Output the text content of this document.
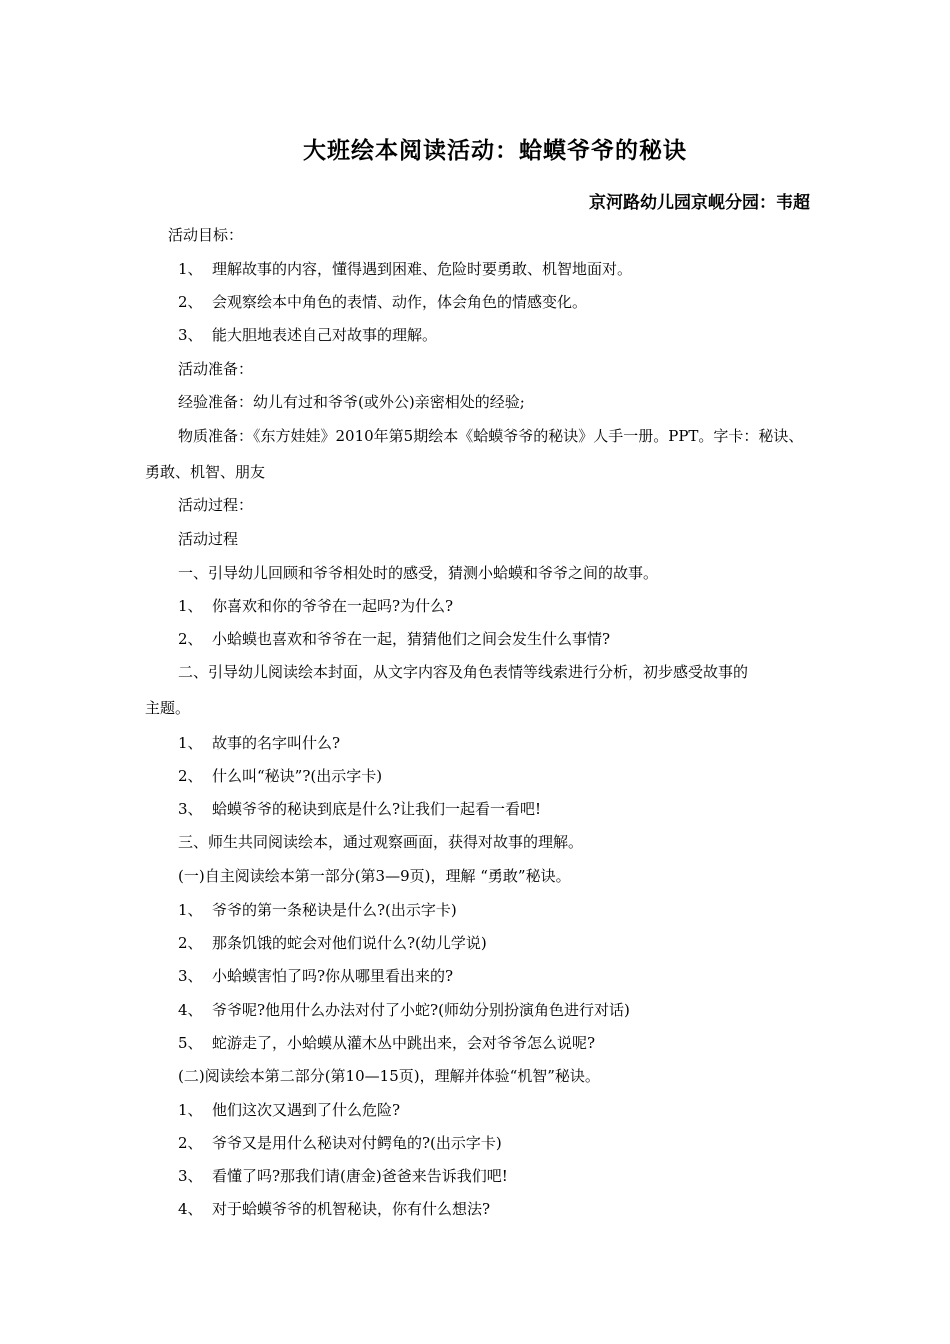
大班绘本阅读活动：蛤蟆爷爷的秘诀
京河路幼儿园京岘分园：韦超
活动目标：
1、 理解故事的内容，懂得遇到困难、危险时要勇敢、机智地面对。
2、 会观察绘本中角色的表情、动作，体会角色的情感变化。
3、 能大胆地表述自己对故事的理解。
活动准备：
经验准备：幼儿有过和爷爷(或外公)亲密相处的经验;
物质准备：《东方娃娃》2010年第5期绘本《蛤蟆爷爷的秘诀》人手一册。PPT。字卡：秘诀、
勇敢、机智、朋友
活动过程：
活动过程
一、引导幼儿回顾和爷爷相处时的感受，猜测小蛤蟆和爷爷之间的故事。
1、 你喜欢和你的爷爷在一起吗?为什么?
2、 小蛤蟆也喜欢和爷爷在一起，猜猜他们之间会发生什么事情?
二、引导幼儿阅读绘本封面，从文字内容及角色表情等线索进行分析，初步感受故事的
主题。
1、 故事的名字叫什么?
2、 什么叫“秘诀”?(出示字卡)
3、 蛤蟆爷爷的秘诀到底是什么?让我们一起看一看吧!
三、师生共同阅读绘本，通过观察画面，获得对故事的理解。
(一)自主阅读绘本第一部分(第3—9页)，理解 “勇敢”秘诀。
1、 爷爷的第一条秘诀是什么?(出示字卡)
2、 那条饥饿的蛇会对他们说什么?(幼儿学说)
3、 小蛤蟆害怕了吗?你从哪里看出来的?
4、 爷爷呢?他用什么办法对付了小蛇?(师幼分别扮演角色进行对话)
5、 蛇游走了，小蛤蟆从灌木丛中跳出来，会对爷爷怎么说呢?
(二)阅读绘本第二部分(第10—15页)，理解并体验“机智”秘诀。
1、 他们这次又遇到了什么危险?
2、 爷爷又是用什么秘诀对付鳄龟的?(出示字卡)
3、 看懂了吗?那我们请(唐金)爸爸来告诉我们吧!
4、 对于蛤蟆爷爷的机智秘诀，你有什么想法?
